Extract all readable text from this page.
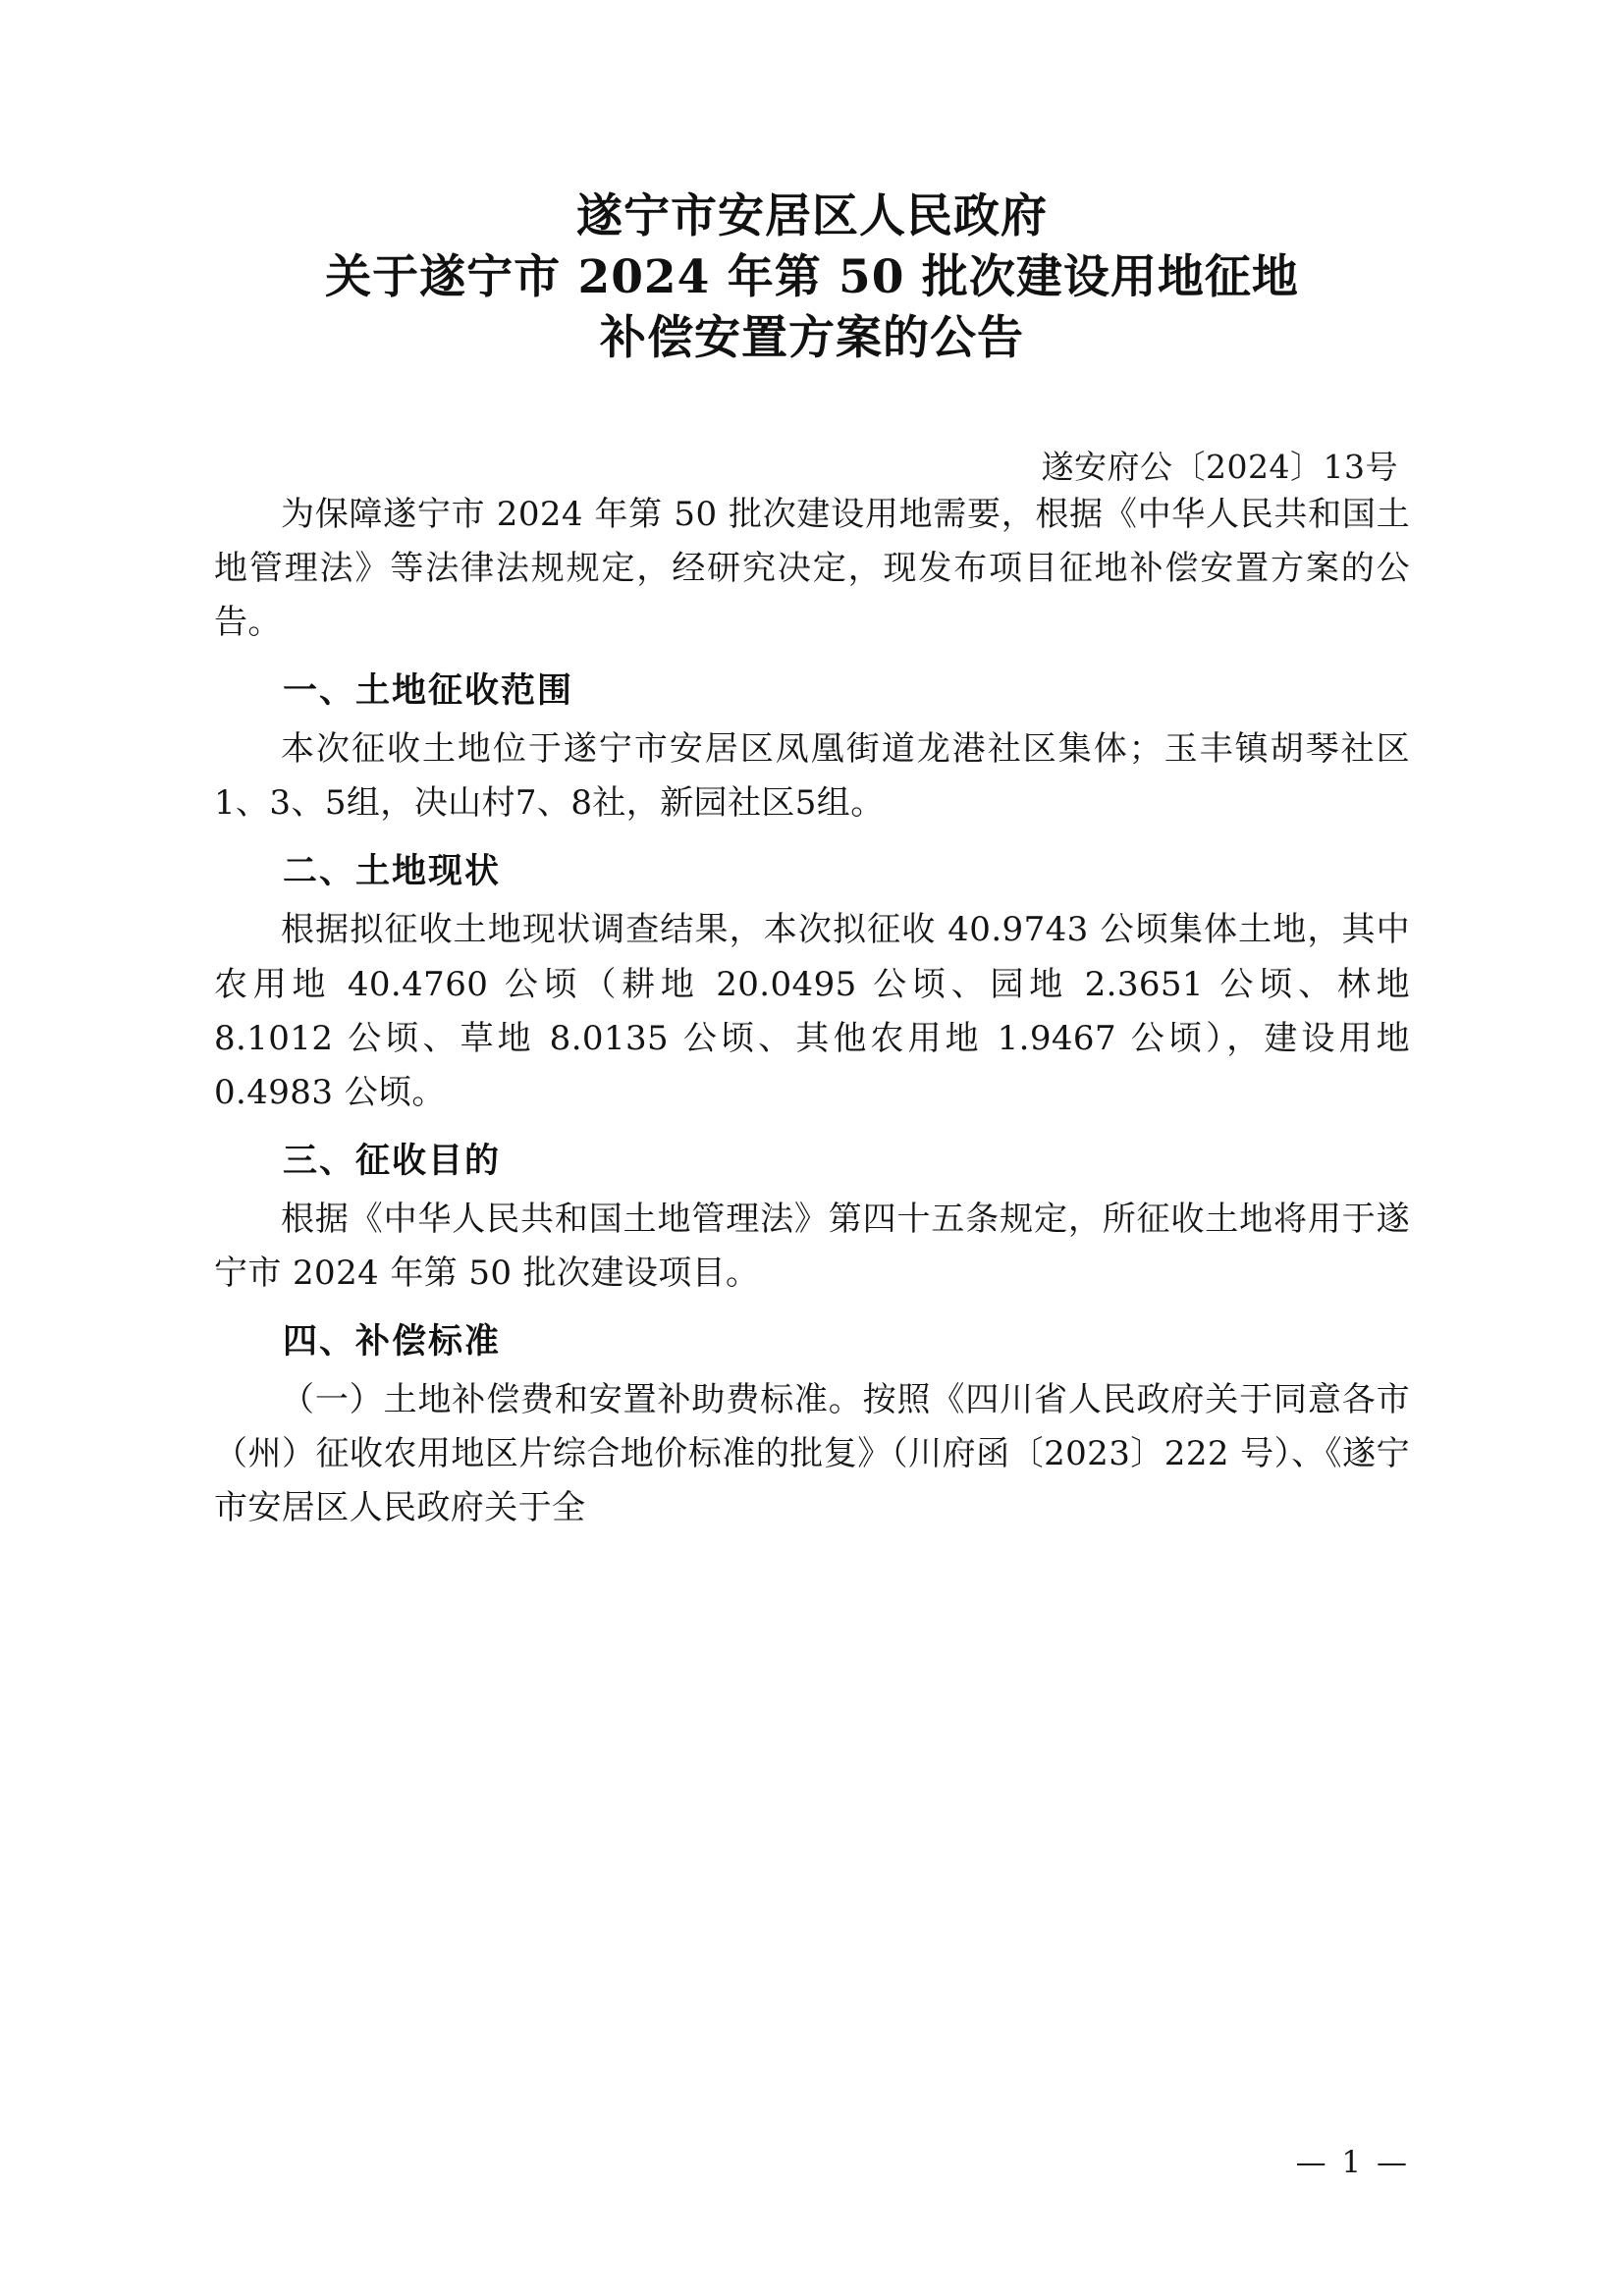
遂宁市安居区人民政府
关于遂宁市 2024 年第 50 批次建设用地征地
补偿安置方案的公告
遂安府公〔2024〕13号

为保障遂宁市 2024 年第 50 批次建设用地需要，根据《中华人民共和国土地管理法》等法律法规规定，经研究决定，现发布项目征地补偿安置方案的公告。

一、土地征收范围

本次征收土地位于遂宁市安居区凤凰街道龙港社区集体；玉丰镇胡琴社区1、3、5组，决山村7、8社，新园社区5组。

二、土地现状

根据拟征收土地现状调查结果，本次拟征收 40.9743 公顷集体土地，其中农用地 40.4760 公顷（耕地 20.0495 公顷、园地 2.3651 公顷、林地 8.1012 公顷、草地 8.0135 公顷、其他农用地 1.9467 公顷），建设用地 0.4983 公顷。

三、征收目的

根据《中华人民共和国土地管理法》第四十五条规定，所征收土地将用于遂宁市 2024 年第 50 批次建设项目。

四、补偿标准

（一）土地补偿费和安置补助费标准。按照《四川省人民政府关于同意各市（州）征收农用地区片综合地价标准的批复》（川府函〔2023〕222 号）、《遂宁市安居区人民政府关于全

— 1 —
